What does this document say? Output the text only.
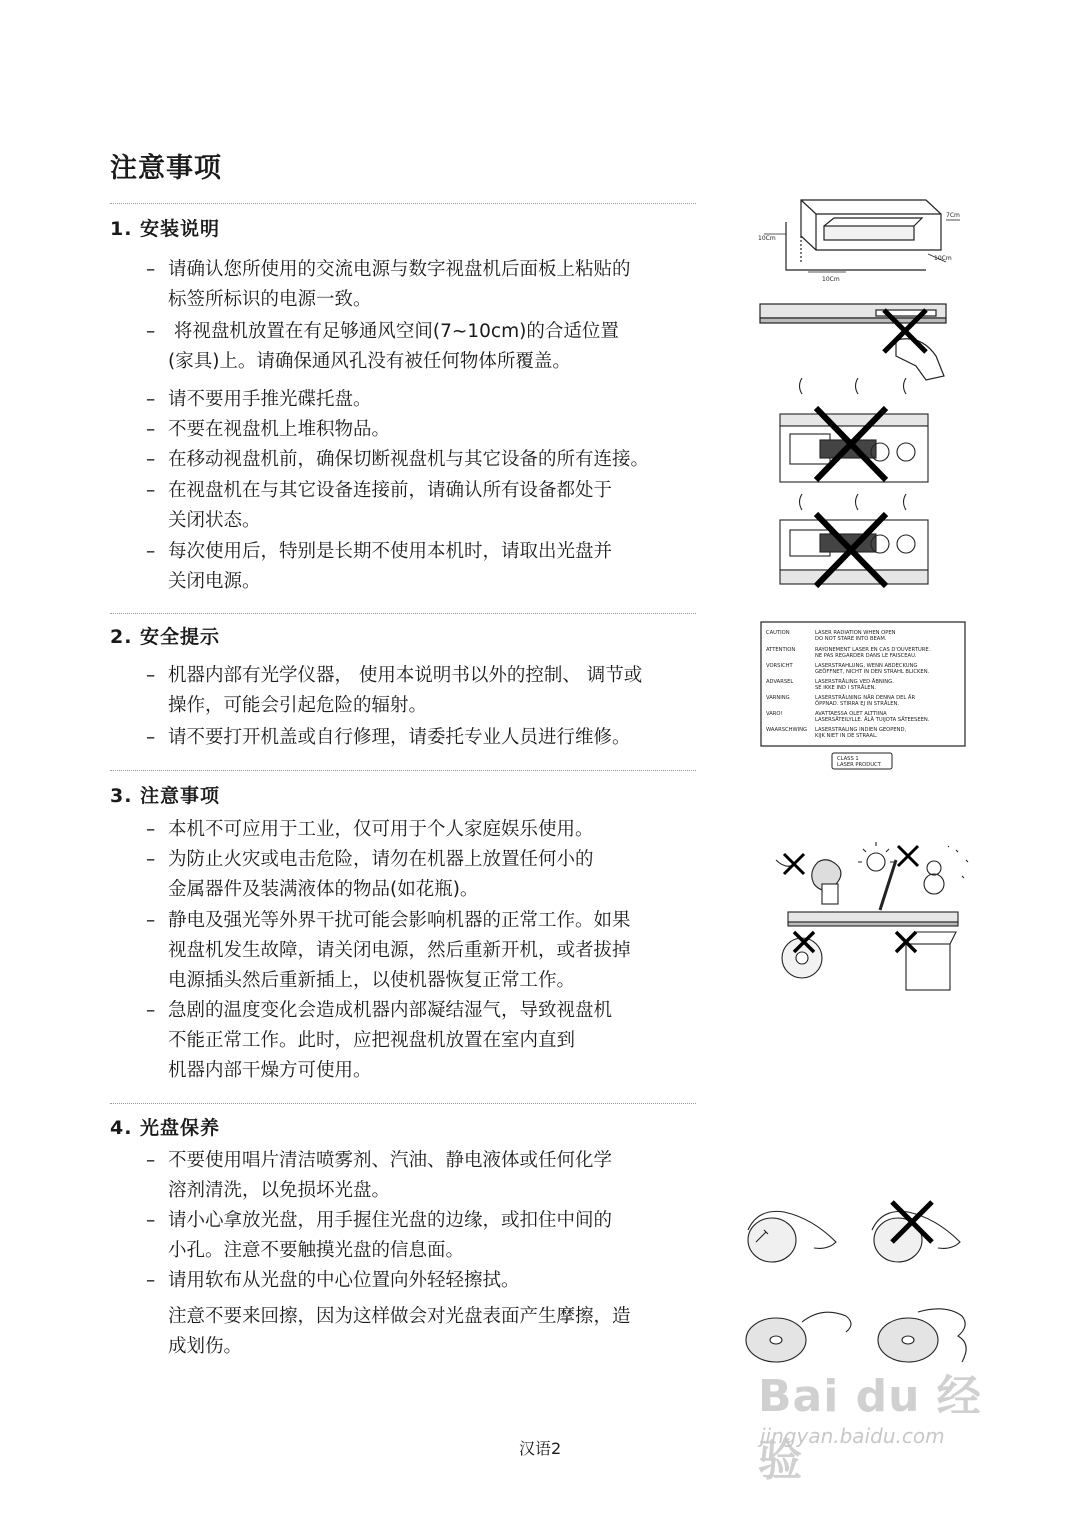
注意事项
1. 安装说明

– 请确认您所使用的交流电源与数字视盘机后面板上粘贴的
标签所标识的电源一致。

– 将视盘机放置在有足够通风空间(7~10cm)的合适位置
(家具)上。请确保通风孔没有被任何物体所覆盖。

– 请不要用手推光碟托盘。

– 不要在视盘机上堆积物品。

– 在移动视盘机前，确保切断视盘机与其它设备的所有连接。

– 在视盘机在与其它设备连接前，请确认所有设备都处于
关闭状态。

– 每次使用后，特别是长期不使用本机时，请取出光盘并
关闭电源。

2. 安全提示

– 机器内部有光学仪器， 使用本说明书以外的控制、 调节或
操作，可能会引起危险的辐射。

– 请不要打开机盖或自行修理，请委托专业人员进行维修。

3. 注意事项

– 本机不可应用于工业，仅可用于个人家庭娱乐使用。

– 为防止火灾或电击危险，请勿在机器上放置任何小的
金属器件及装满液体的物品(如花瓶)。

– 静电及强光等外界干扰可能会影响机器的正常工作。如果
视盘机发生故障，请关闭电源，然后重新开机，或者拔掉
电源插头然后重新插上，以使机器恢复正常工作。

– 急剧的温度变化会造成机器内部凝结湿气，导致视盘机
不能正常工作。此时，应把视盘机放置在室内直到
机器内部干燥方可使用。

4. 光盘保养

– 不要使用唱片清洁喷雾剂、汽油、静电液体或任何化学
溶剂清洗，以免损坏光盘。

– 请小心拿放光盘，用手握住光盘的边缘，或扣住中间的
小孔。注意不要触摸光盘的信息面。

– 请用软布从光盘的中心位置向外轻轻擦拭。

注意不要来回擦，因为这样做会对光盘表面产生摩擦，造
成划伤。

10Cm
7Cm
10Cm
10Cm
CAUTION	LASER RADIATION WHEN OPEN
DO NOT STARE INTO BEAM.
ATTENTION	RAYONEMENT LASER EN CAS D'OUVERTURE.
NE PAS REGARDER DANS LE FAISCEAU.
VORSICHT	LASERSTRAHLUNG, WENN ABDECKUNG
GEÖFFNET, NICHT IN DEN STRAHL BLICKEN.
ADVARSEL	LASERSTRÅLING VED ÅBNING.
SE IKKE IND I STRÅLEN.
VARNING	LASERSTRÅLNING NÄR DENNA DEL ÄR
ÖPPNAD. STIRRA EJ IN STRÅLEN.
VARO!	AVATTAESSA OLET ALTTIINA
LASERSÄTEILYLLE. ÄLÄ TUIJOTA SÄTEESEEN.
WAARSCHWING LASERSTRALING INDIEN GEOPEND,
KIJK NIET IN DE STRAAL.
CLASS 1
LASER PRODUCT
Bai du 经验
jingyan.baidu.com
汉语2
